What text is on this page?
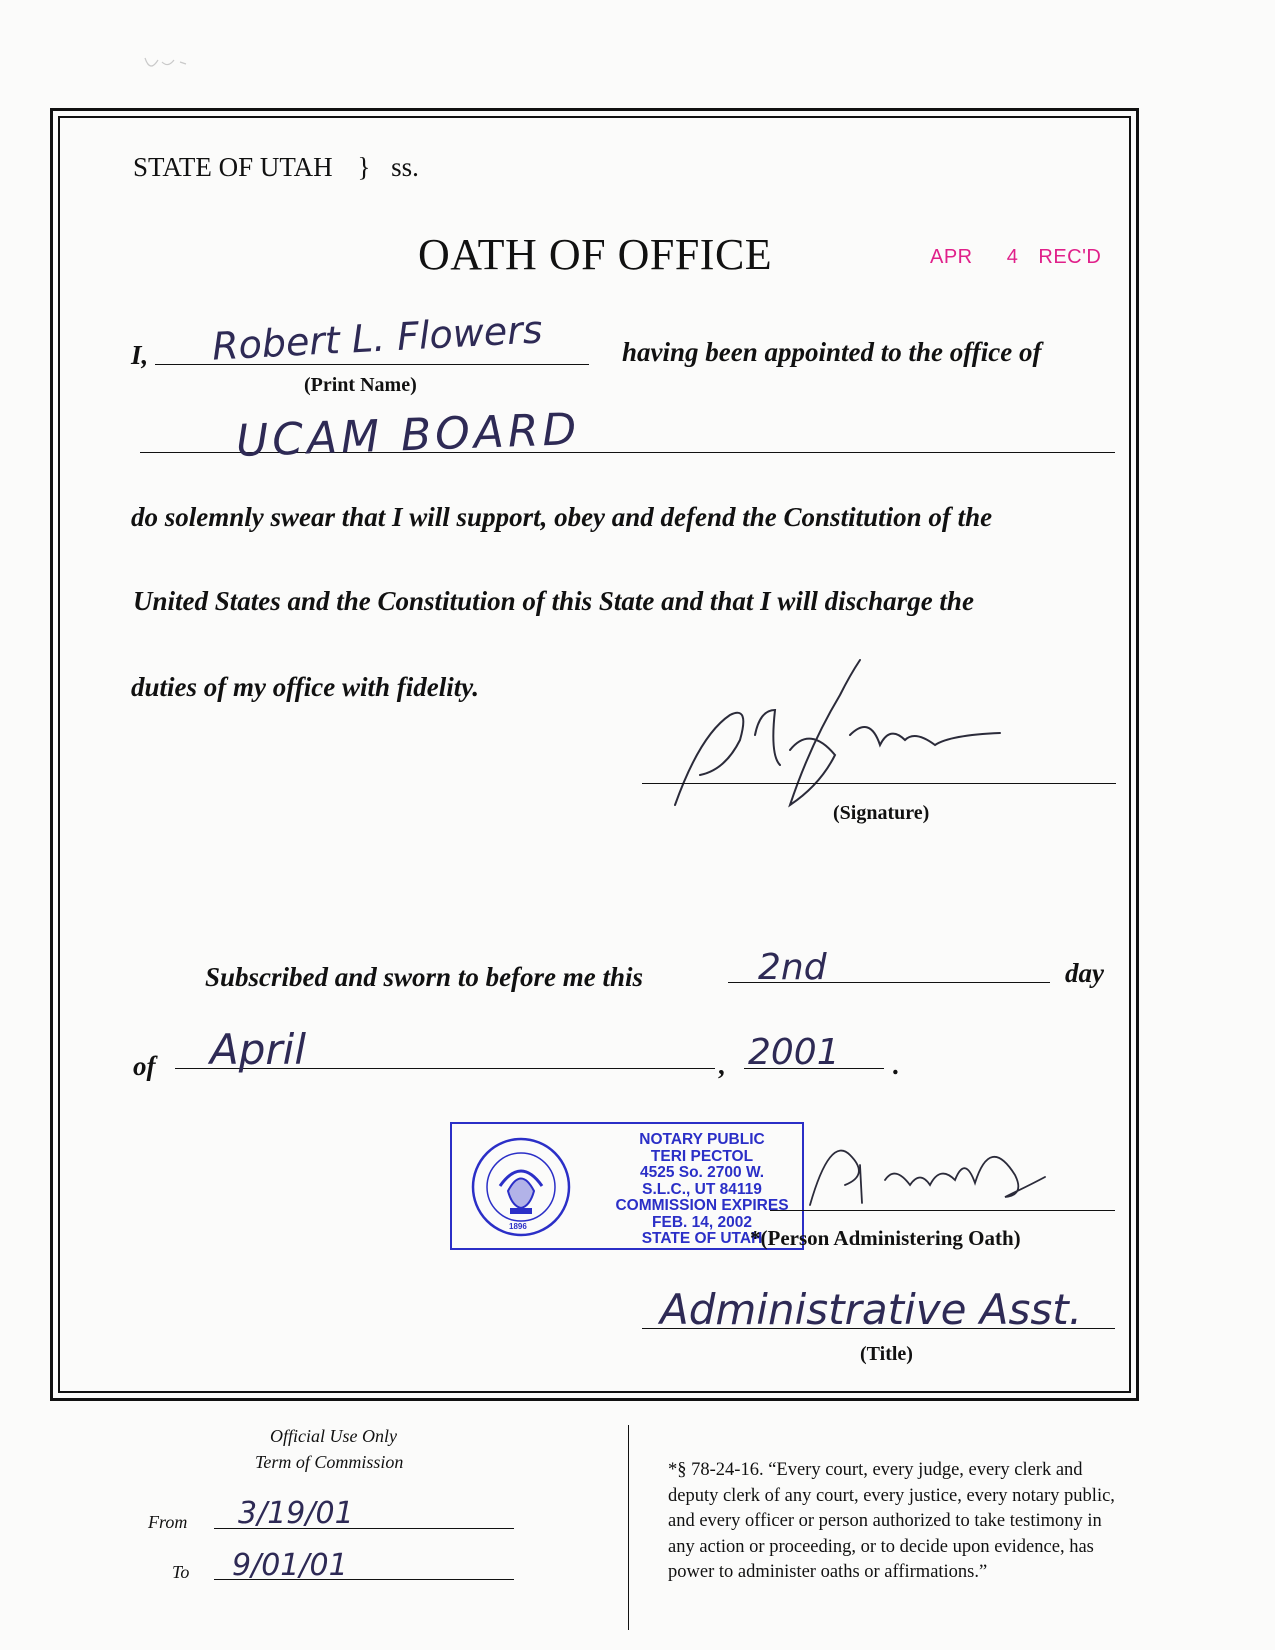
STATE OF UTAH } ss.
OATH OF OFFICE	APR 4 REC'D
I, Robert L. Flowers
(Print Name)
having been appointed to the office of
UCAM BOARD
do solemnly swear that I will support, obey and defend the Constitution of the
United States and the Constitution of this State and that I will discharge the
duties of my office with fidelity.
(Signature)
Subscribed and sworn to before me this	2nd	day
of April	, 2001 .
1896
NOTARY PUBLIC
TERI PECTOL
4525 So. 2700 W.
S.L.C., UT 84119
COMMISSION EXPIRES
FEB. 14, 2002
STATE OF UTAH
*(Person Administering Oath)
Administrative Asst.
(Title)
Official Use Only
Term of Commission
From 3/19/01
To 9/01/01
*§ 78-24-16. “Every court, every judge, every clerk and
deputy clerk of any court, every justice, every notary public,
and every officer or person authorized to take testimony in
any action or proceeding, or to decide upon evidence, has
power to administer oaths or affirmations.”
